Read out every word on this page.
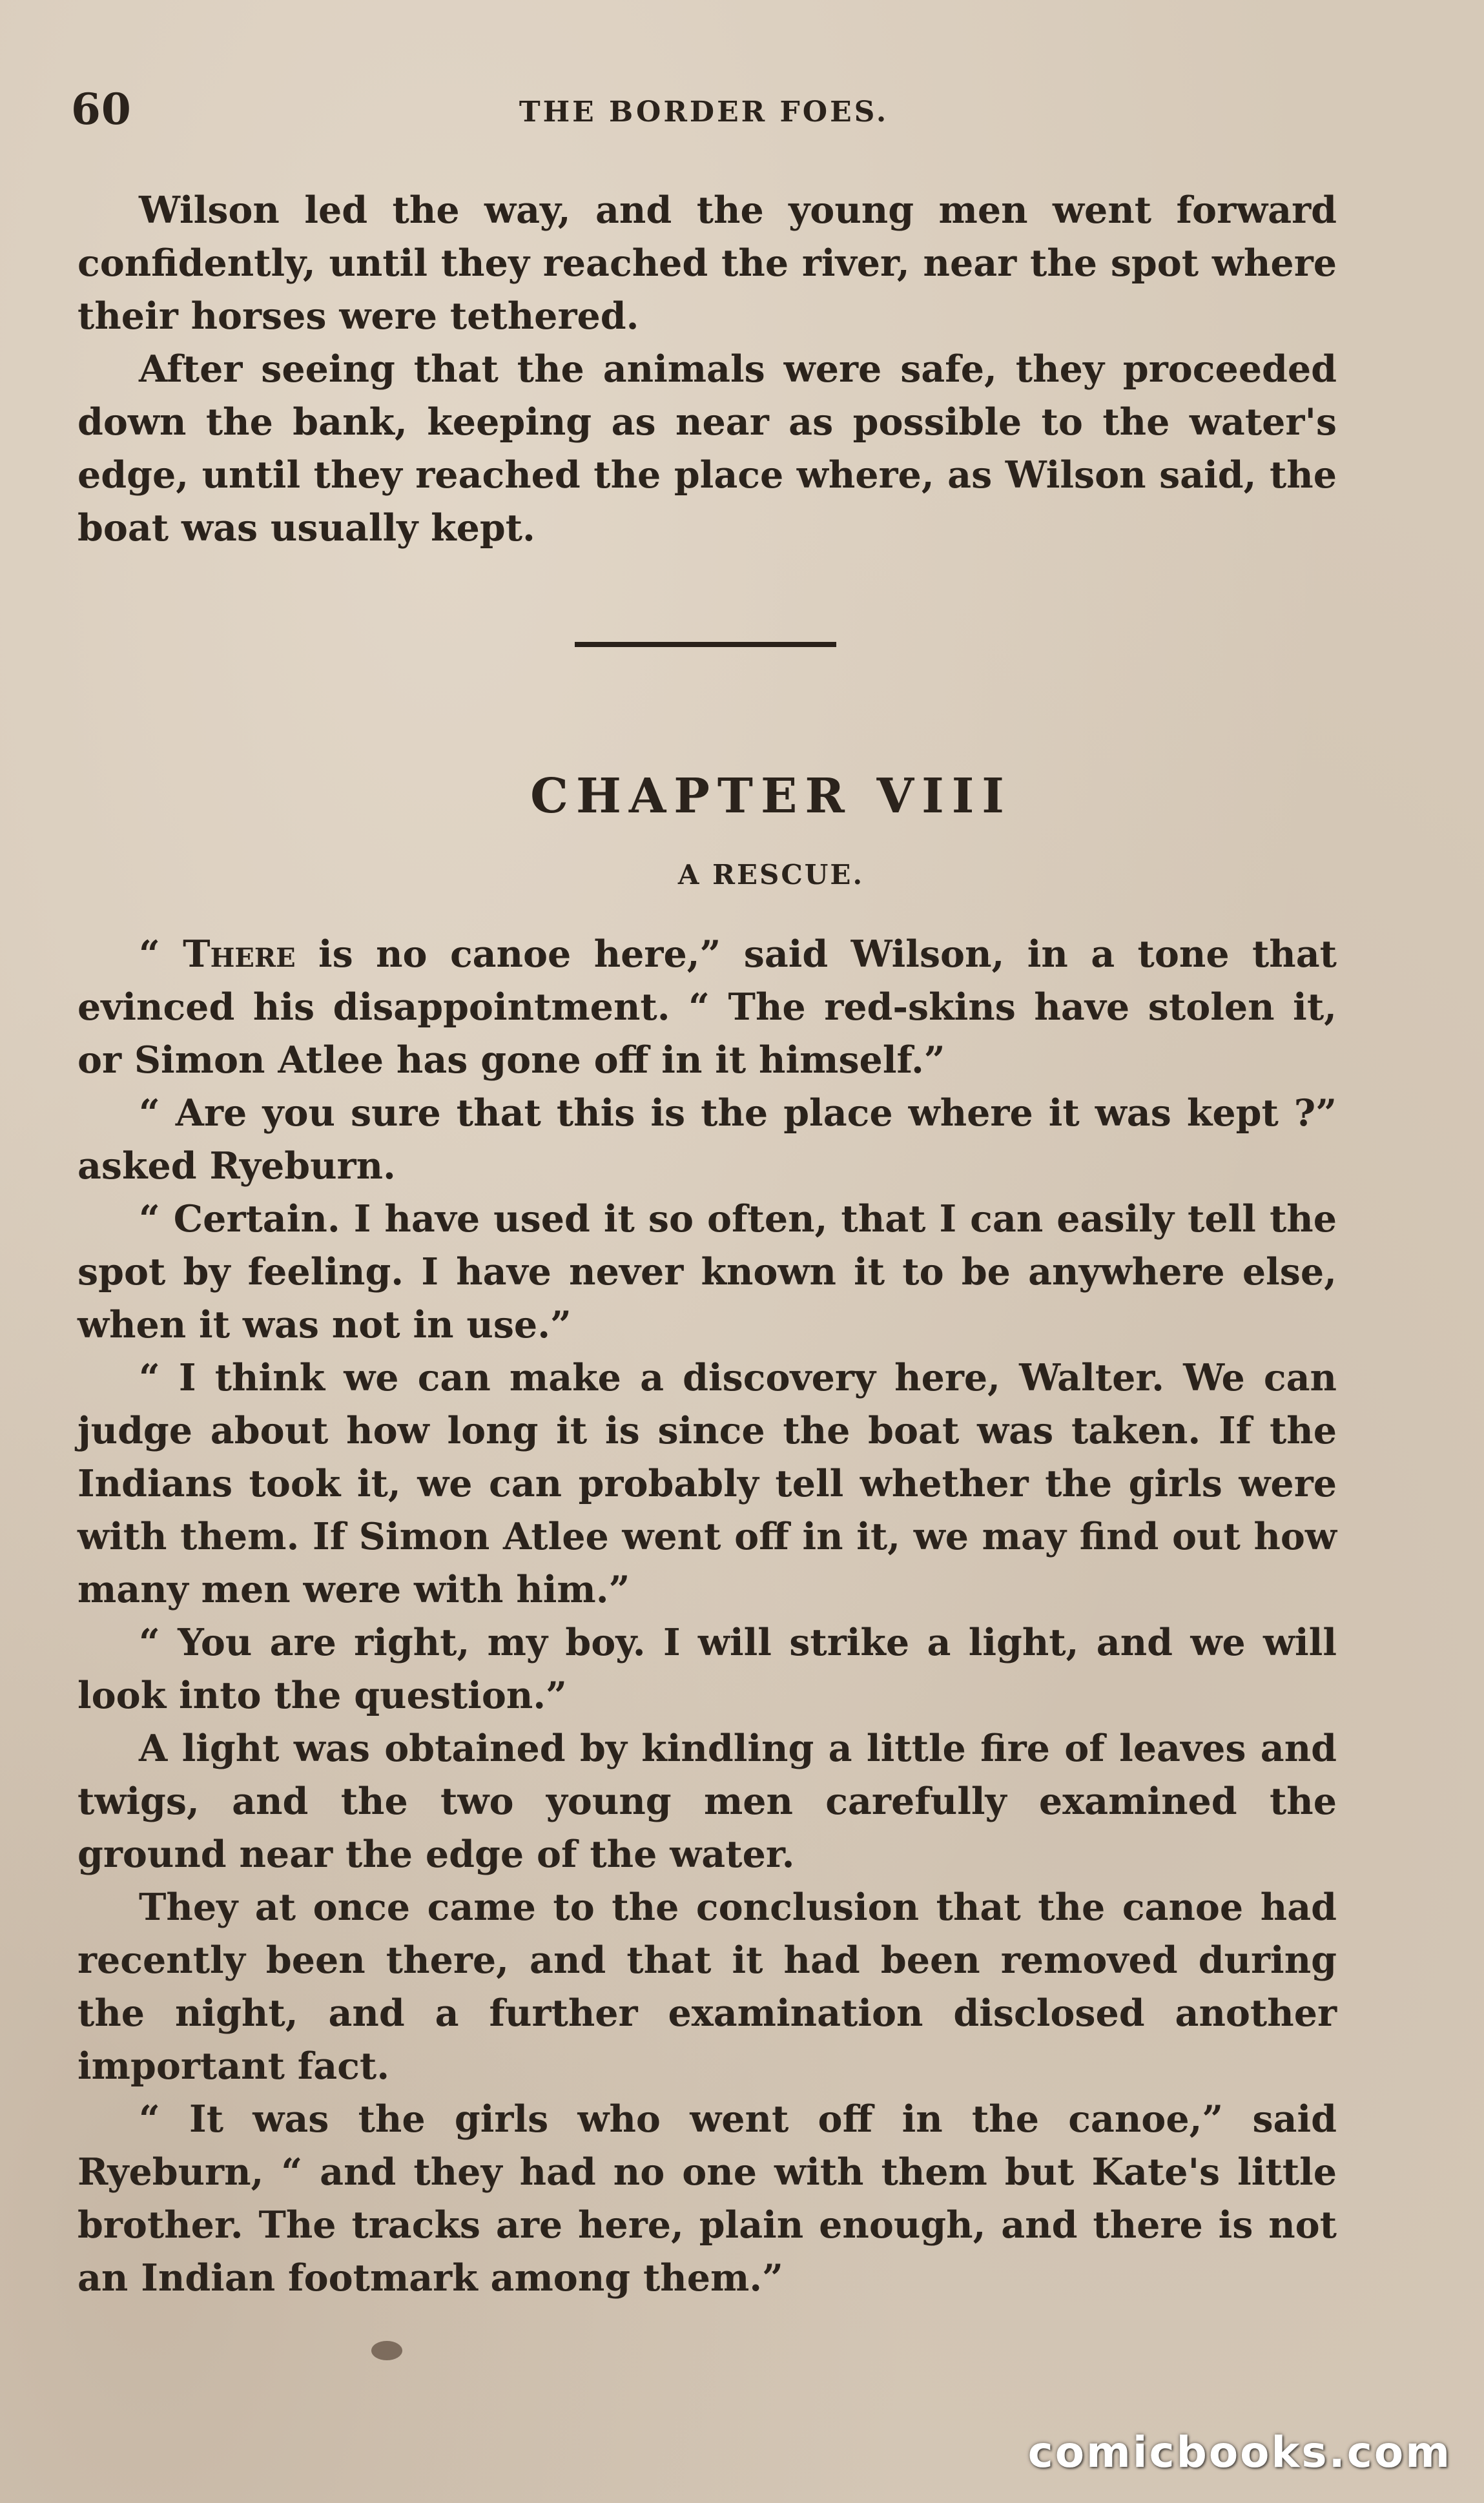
60	THE BORDER FOES.

Wilson led the way, and the young men went forward confidently, until they reached the river, near the spot where their horses were tethered.

After seeing that the animals were safe, they proceeded down the bank, keeping as near as possible to the water's edge, until they reached the place where, as Wilson said, the boat was usually kept.

CHAPTER VIII
A RESCUE.

“ There is no canoe here,” said Wilson, in a tone that evinced his disappointment. “ The red-skins have stolen it, or Simon Atlee has gone off in it himself.”

“ Are you sure that this is the place where it was kept ?” asked Ryeburn.

“ Certain. I have used it so often, that I can easily tell the spot by feeling. I have never known it to be anywhere else, when it was not in use.”

“ I think we can make a discovery here, Walter. We can judge about how long it is since the boat was taken. If the Indians took it, we can probably tell whether the girls were with them. If Simon Atlee went off in it, we may find out how many men were with him.”

“ You are right, my boy. I will strike a light, and we will look into the question.”

A light was obtained by kindling a little fire of leaves and twigs, and the two young men carefully examined the ground near the edge of the water.

They at once came to the conclusion that the canoe had recently been there, and that it had been removed during the night, and a further examination disclosed another important fact.

“ It was the girls who went off in the canoe,” said Ryeburn, “ and they had no one with them but Kate's little brother. The tracks are here, plain enough, and there is not an Indian footmark among them.”

comicbooks.com
